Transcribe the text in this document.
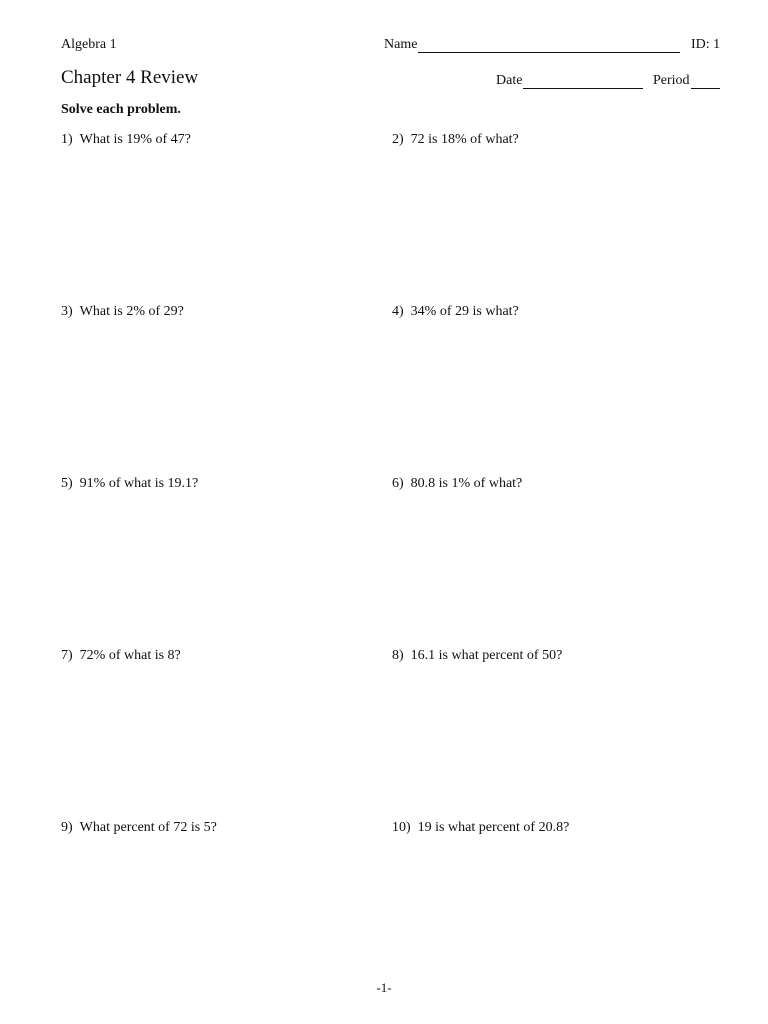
Algebra 1
Chapter 4 Review
Name	ID: 1
Date	Period
Solve each problem.
1) What is 19% of 47?	2) 72 is 18% of what?
3) What is 2% of 29?	4) 34% of 29 is what?
5) 91% of what is 19.1?	6) 80.8 is 1% of what?
7) 72% of what is 8?	8) 16.1 is what percent of 50?
9) What percent of 72 is 5?	10) 19 is what percent of 20.8?
-1-
